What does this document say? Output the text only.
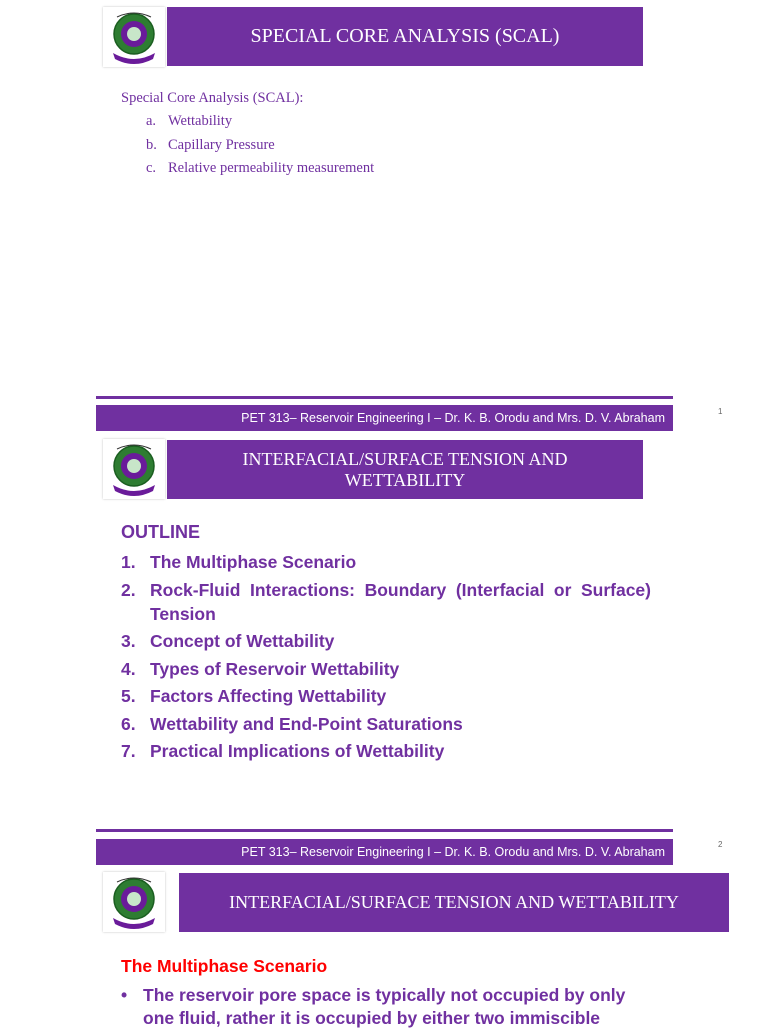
SPECIAL CORE ANALYSIS (SCAL)
Special Core Analysis (SCAL):
a. Wettability
b. Capillary Pressure
c. Relative permeability measurement
PET 313– Reservoir Engineering I – Dr. K. B. Orodu and Mrs. D. V. Abraham	1
INTERFACIAL/SURFACE TENSION AND
WETTABILITY
OUTLINE
1. The Multiphase Scenario
2. Rock-Fluid Interactions: Boundary (Interfacial or Surface) Tension
3. Concept of Wettability
4. Types of Reservoir Wettability
5. Factors Affecting Wettability
6. Wettability and End-Point Saturations
7. Practical Implications of Wettability
PET 313– Reservoir Engineering I – Dr. K. B. Orodu and Mrs. D. V. Abraham
2
INTERFACIAL/SURFACE TENSION AND WETTABILITY
The Multiphase Scenario
• The reservoir pore space is typically not occupied by only one fluid, rather it is occupied by either two immiscible
